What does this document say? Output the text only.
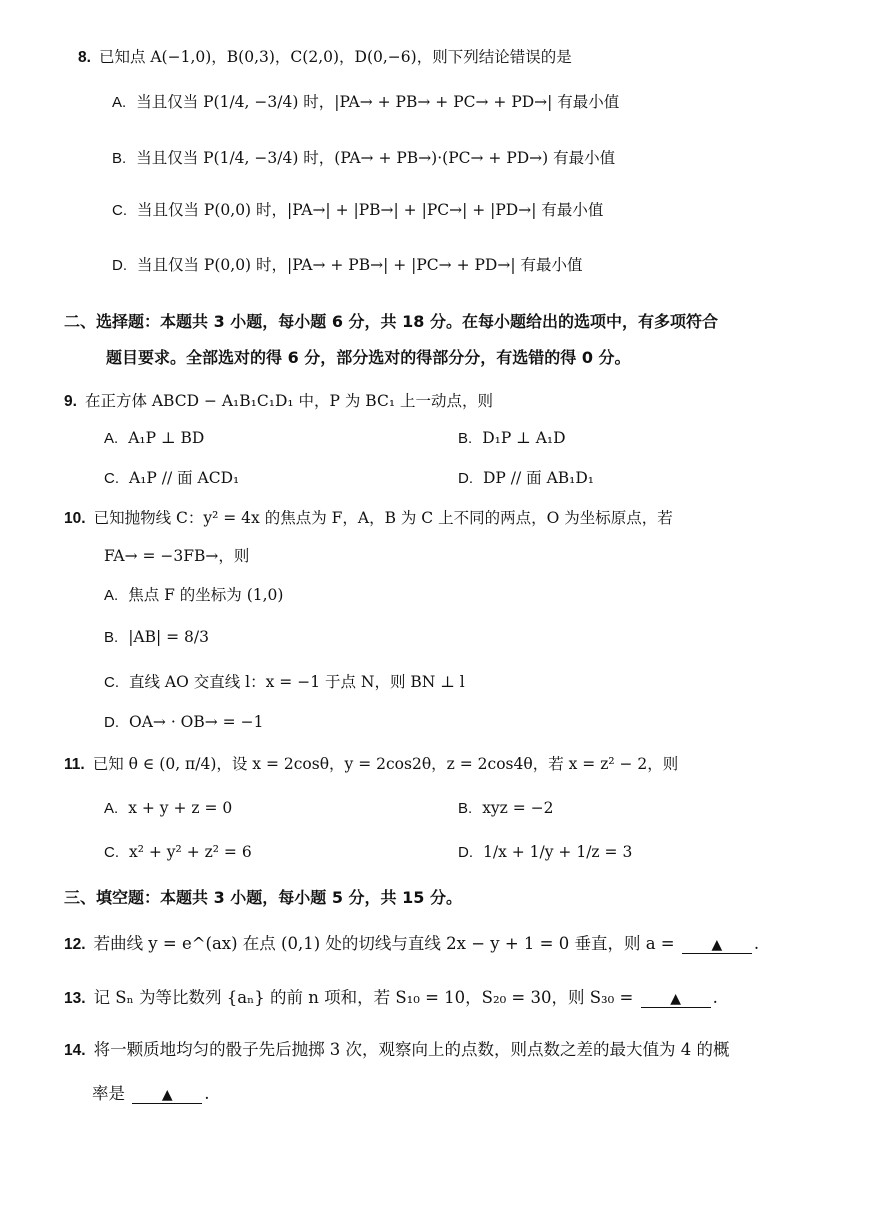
8. 已知点 A(−1,0)，B(0,3)，C(2,0)，D(0,−6)，则下列结论错误的是
A. 当且仅当 P(1/4, −3/4) 时，|PA→ + PB→ + PC→ + PD→| 有最小值
B. 当且仅当 P(1/4, −3/4) 时，(PA→ + PB→)·(PC→ + PD→) 有最小值
C. 当且仅当 P(0,0) 时，|PA→| + |PB→| + |PC→| + |PD→| 有最小值
D. 当且仅当 P(0,0) 时，|PA→ + PB→| + |PC→ + PD→| 有最小值
二、选择题：本题共 3 小题，每小题 6 分，共 18 分。在每小题给出的选项中，有多项符合
题目要求。全部选对的得 6 分，部分选对的得部分分，有选错的得 0 分。
9. 在正方体 ABCD − A₁B₁C₁D₁ 中，P 为 BC₁ 上一动点，则
A. A₁P ⊥ BD	B. D₁P ⊥ A₁D
C. A₁P // 面 ACD₁	D. DP // 面 AB₁D₁
10. 已知抛物线 C：y² = 4x 的焦点为 F，A，B 为 C 上不同的两点，O 为坐标原点，若
FA→ = −3FB→，则
A. 焦点 F 的坐标为 (1,0)
B. |AB| = 8/3
C. 直线 AO 交直线 l：x = −1 于点 N，则 BN ⊥ l
D. OA→ · OB→ = −1
11. 已知 θ ∈ (0, π/4)，设 x = 2cosθ，y = 2cos2θ，z = 2cos4θ，若 x = z² − 2，则
A. x + y + z = 0	B. xyz = −2
C. x² + y² + z² = 6	D. 1/x + 1/y + 1/z = 3
三、填空题：本题共 3 小题，每小题 5 分，共 15 分。
12. 若曲线 y = e^(ax) 在点 (0,1) 处的切线与直线 2x − y + 1 = 0 垂直，则 a =	▲ .
13. 记 Sₙ 为等比数列 {aₙ} 的前 n 项和，若 S₁₀ = 10，S₂₀ = 30，则 S₃₀ =	▲ .
14. 将一颗质地均匀的骰子先后抛掷 3 次，观察向上的点数，则点数之差的最大值为 4 的概
率是	▲ .
